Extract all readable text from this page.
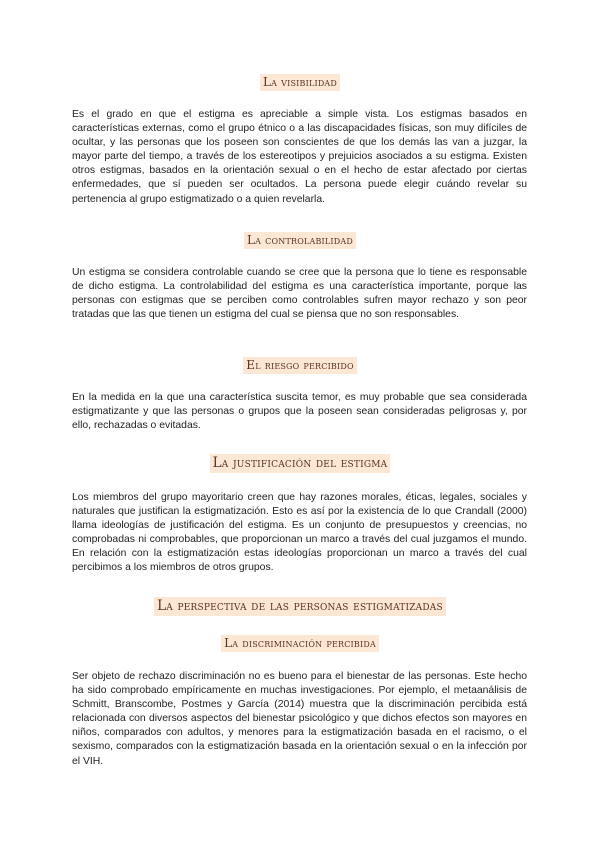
La visibilidad
Es el grado en que el estigma es apreciable a simple vista. Los estigmas basados en características externas, como el grupo étnico o a las discapacidades físicas, son muy difíciles de ocultar, y las personas que los poseen son conscientes de que los demás las van a juzgar, la mayor parte del tiempo, a través de los estereotipos y prejuicios asociados a su estigma. Existen otros estigmas, basados en la orientación sexual o en el hecho de estar afectado por ciertas enfermedades, que sí pueden ser ocultados. La persona puede elegir cuándo revelar su pertenencia al grupo estigmatizado o a quien revelarla.
La controlabilidad
Un estigma se considera controlable cuando se cree que la persona que lo tiene es responsable de dicho estigma. La controlabilidad del estigma es una característica importante, porque las personas con estigmas que se perciben como controlables sufren mayor rechazo y son peor tratadas que las que tienen un estigma del cual se piensa que no son responsables.
El riesgo percibido
En la medida en la que una característica suscita temor, es muy probable que sea considerada estigmatizante y que las personas o grupos que la poseen sean consideradas peligrosas y, por ello, rechazadas o evitadas.
La justificación del estigma
Los miembros del grupo mayoritario creen que hay razones morales, éticas, legales, sociales y naturales que justifican la estigmatización. Esto es así por la existencia de lo que Crandall (2000) llama ideologías de justificación del estigma. Es un conjunto de presupuestos y creencias, no comprobadas ni comprobables, que proporcionan un marco a través del cual juzgamos el mundo. En relación con la estigmatización estas ideologías proporcionan un marco a través del cual percibimos a los miembros de otros grupos.
La perspectiva de las personas estigmatizadas
La discriminación percibida
Ser objeto de rechazo discriminación no es bueno para el bienestar de las personas. Este hecho ha sido comprobado empíricamente en muchas investigaciones. Por ejemplo, el metaanálisis de Schmitt, Branscombe, Postmes y García (2014) muestra que la discriminación percibida está relacionada con diversos aspectos del bienestar psicológico y que dichos efectos son mayores en niños, comparados con adultos, y menores para la estigmatización basada en el racismo, o el sexismo, comparados con la estigmatización basada en la orientación sexual o en la infección por el VIH.
